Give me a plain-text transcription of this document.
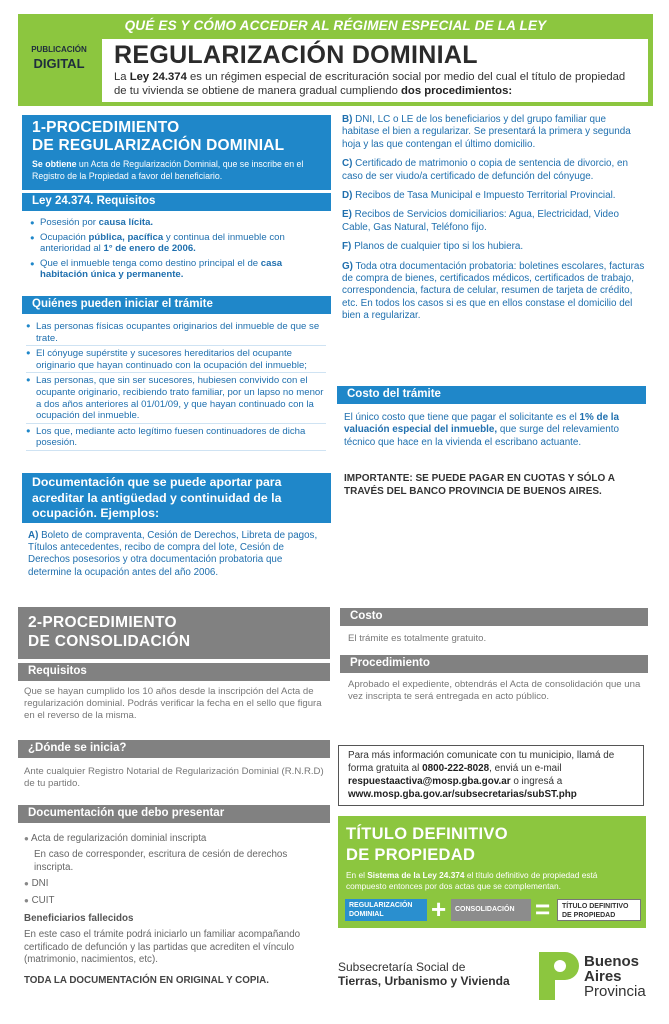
QUÉ ES Y CÓMO ACCEDER AL RÉGIMEN ESPECIAL DE LA LEY
PUBLICACIÓN
DIGITAL	REGULARIZACIÓN DOMINIAL
La Ley 24.374 es un régimen especial de escrituración social por medio del cual el título de propiedad de tu vivienda se obtiene de manera gradual cumpliendo dos procedimientos:
1-PROCEDIMIENTO
DE REGULARIZACIÓN DOMINIAL
Se obtiene un Acta de Regularización Dominial, que se inscribe en el Registro de la Propiedad a favor del beneficiario.
Ley 24.374. Requisitos
● Posesión por causa lícita.
● Ocupación pública, pacífica y continua del inmueble con anterioridad al 1° de enero de 2006.
● Que el inmueble tenga como destino principal el de casa habitación única y permanente.
Quiénes pueden iniciar el trámite
● Las personas físicas ocupantes originarios del inmueble de que se trate.
● El cónyuge supérstite y sucesores hereditarios del ocupante originario que hayan continuado con la ocupación del inmueble;
● Las personas, que sin ser sucesores, hubiesen convivido con el ocupante originario, recibiendo trato familiar, por un lapso no menor a dos años anteriores al 01/01/09, y que hayan continuado con la ocupación del inmueble.
● Los que, mediante acto legítimo fuesen continuadores de dicha posesión.
Documentación que se puede aportar para acreditar la antigüedad y continuidad de la ocupación. Ejemplos:
A) Boleto de compraventa, Cesión de Derechos, Libreta de pagos, Títulos antecedentes, recibo de compra del lote, Cesión de Derechos posesorios y otra documentación probatoria que determine la ocupación antes del año 2006.
B) DNI, LC o LE de los beneficiarios y del grupo familiar que habitase el bien a regularizar. Se presentará la primera y segunda hoja y las que contengan el último domicilio.
C) Certificado de matrimonio o copia de sentencia de divorcio, en caso de ser viudo/a certificado de defunción del cónyuge.
D) Recibos de Tasa Municipal e Impuesto Territorial Provincial.
E) Recibos de Servicios domiciliarios: Agua, Electricidad, Video Cable, Gas Natural, Teléfono fijo.
F) Planos de cualquier tipo si los hubiera.
G) Toda otra documentación probatoria: boletines escolares, facturas de compra de bienes, certificados médicos, certificados de trabajo, correspondencia, factura de celular, resumen de tarjeta de crédito, etc. En todos los casos si es que en ellos constase el domicilio del bien a regularizar.
Costo del trámite
El único costo que tiene que pagar el solicitante es el 1% de la valuación especial del inmueble, que surge del relevamiento técnico que hace en la vivienda el escribano actuante.
IMPORTANTE: SE PUEDE PAGAR EN CUOTAS Y SÓLO A TRAVÉS DEL BANCO PROVINCIA DE BUENOS AIRES.
2-PROCEDIMIENTO
DE CONSOLIDACIÓN
Requisitos
Que se hayan cumplido los 10 años desde la inscripción del Acta de regularización dominial. Podrás verificar la fecha en el sello que figura en el reverso de la misma.
¿Dónde se inicia?
Ante cualquier Registro Notarial de Regularización Dominial (R.N.R.D) de tu partido.
Documentación que debo presentar
● Acta de regularización dominial inscripta
En caso de corresponder, escritura de cesión de derechos inscripta.
● DNI
● CUIT
Beneficiarios fallecidos
En este caso el trámite podrá iniciarlo un familiar acompañando certificado de defunción y las partidas que acrediten el vínculo (matrimonio, nacimientos, etc).
TODA LA DOCUMENTACIÓN EN ORIGINAL Y COPIA.
Costo
El trámite es totalmente gratuito.
Procedimiento
Aprobado el expediente, obtendrás el Acta de consolidación que una vez inscripta te será entregada en acto público.
Para más información comunicate con tu municipio, llamá de forma gratuita al 0800-222-8028, enviá un e-mail respuestaactiva@mosp.gba.gov.ar o ingresá a www.mosp.gba.gov.ar/subsecretarias/subST.php
TÍTULO DEFINITIVO
DE PROPIEDAD
En el Sistema de la Ley 24.374 el título definitivo de propiedad está compuesto entonces por dos actas que se complementan.
REGULARIZACIÓN DOMINIAL	+	CONSOLIDACIÓN =	TÍTULO DEFINITIVO DE PROPIEDAD
Subsecretaría Social de
Tierras, Urbanismo y Vivienda
Buenos
Aires
Provincia
